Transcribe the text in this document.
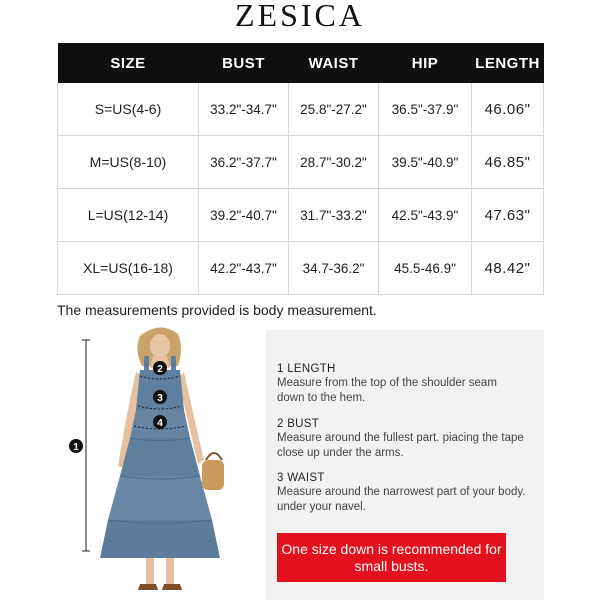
ZESICA
SIZE	BUST	WAIST	HIP	LENGTH
S=US(4-6)	33.2"-34.7"	25.8"-27.2"	36.5"-37.9"	46.06"
M=US(8-10)	36.2"-37.7"	28.7"-30.2"	39.5"-40.9"	46.85"
L=US(12-14)	39.2"-40.7"	31.7"-33.2"	42.5"-43.9"	47.63"
XL=US(16-18)	42.2"-43.7"	34.7-36.2"	45.5-46.9"	48.42"
The measurements provided is body measurement.
1
2
3
4
1 LENGTH
Measure from the top of the shoulder seam down to the hem.
2 BUST
Measure around the fullest part. piacing the tape close up under the arms.
3 WAIST
Measure around the narrowest part of your body. under your navel.
One size down is recommended for small busts.
